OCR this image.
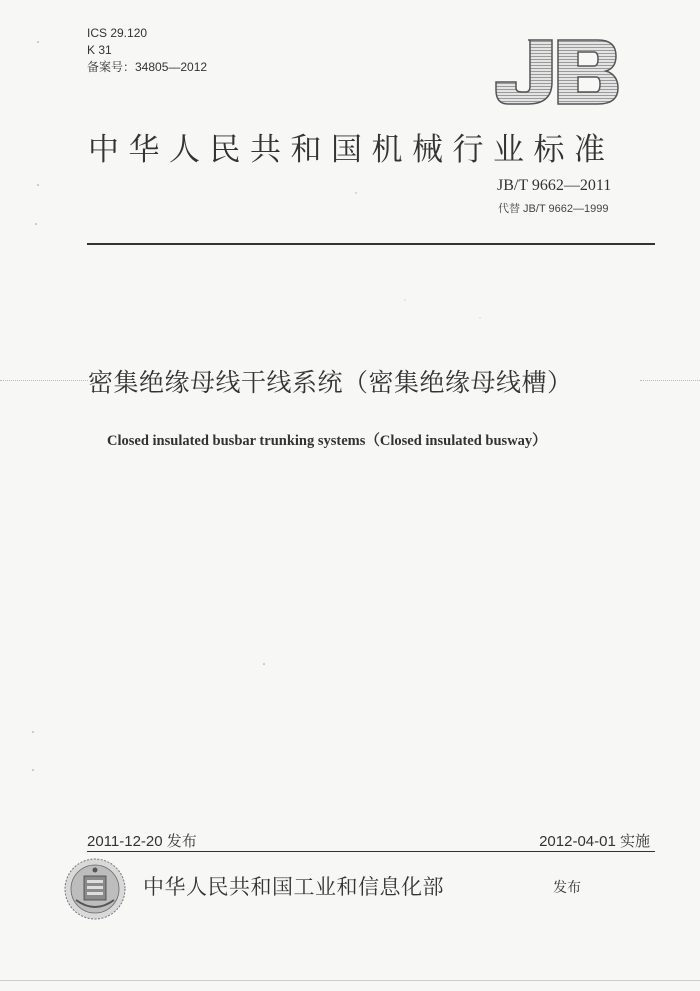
ICS 29.120
K 31
备案号：34805—2012
中华人民共和国机械行业标准
JB/T 9662—2011
代替 JB/T 9662—1999
密集绝缘母线干线系统（密集绝缘母线槽）
Closed insulated busbar trunking systems（Closed insulated busway）
2011-12-20 发布	2012-04-01 实施
中华人民共和国工业和信息化部	发布
